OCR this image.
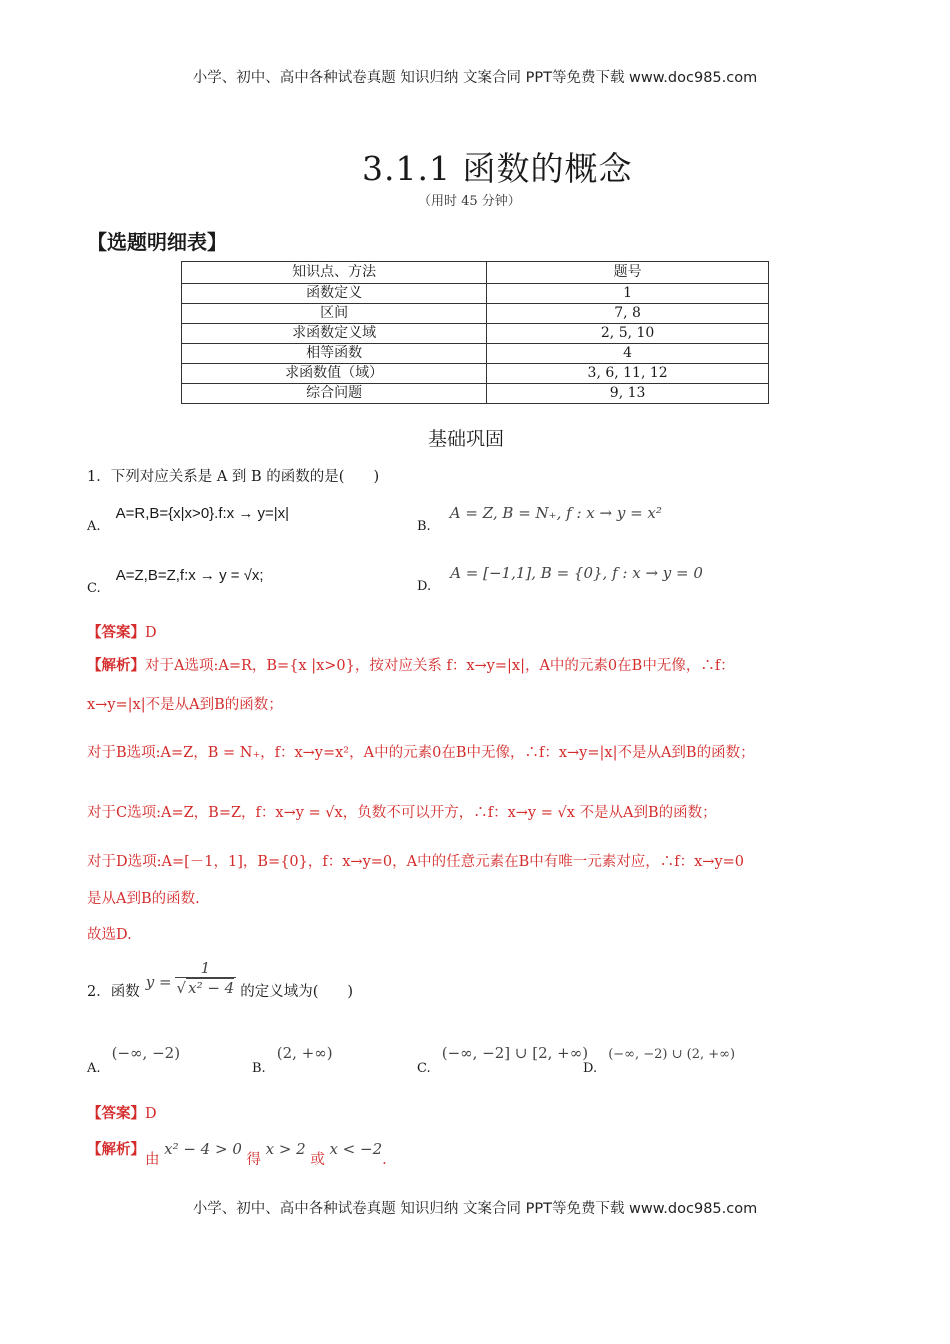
小学、初中、高中各种试卷真题 知识归纳 文案合同 PPT等免费下载 www.doc985.com
3.1.1 函数的概念
（用时 45 分钟）
【选题明细表】
知识点、方法	题号
函数定义	1
区间	7, 8
求函数定义域	2, 5, 10
相等函数	4
求函数值（域）	3, 6, 11, 12
综合问题	9, 13
基础巩固
1．下列对应关系是 A 到 B 的函数的是(　　)
$_{A.}$ A=R,B={x|x>0}.f:x → y=|x|
$_{B.}$ A = Z, B = N₊, f : x → y = x²
$_{C.}$ A=Z,B=Z,f:x → y = √x;
$_{D.}$ A = [−1,1], B = {0}, f : x → y = 0
【答案】D
【解析】对于A选项:A=R，B={x |x>0}，按对应关系 f：x→y=|x|，A中的元素0在B中无像，∴f：
x→y=|x|不是从A到B的函数；
对于B选项:A=Z，B = N₊，f：x→y=x²，A中的元素0在B中无像，∴f：x→y=|x|不是从A到B的函数；
对于C选项:A=Z，B=Z，f：x→y = √x，负数不可以开方，∴f：x→y = √x 不是从A到B的函数；
对于D选项:A=[－1，1]，B={0}，f：x→y=0，A中的任意元素在B中有唯一元素对应，∴f：x→y=0
是从A到B的函数.
故选D.
2．函数
$y = \frac{1}{\text{√ x² − 4}}$ 的定义域为(　　)
$_{A.}$ (−∞, −2)
$_{B.}$ (2, +∞)
$_{C.}$ (−∞, −2] ∪ [2, +∞)
$_{D.}$ (−∞, −2) ∪ (2, +∞)
【答案】D
【解析】由 x² − 4 > 0 得 x > 2 或 x < −2.
小学、初中、高中各种试卷真题 知识归纳 文案合同 PPT等免费下载 www.doc985.com
